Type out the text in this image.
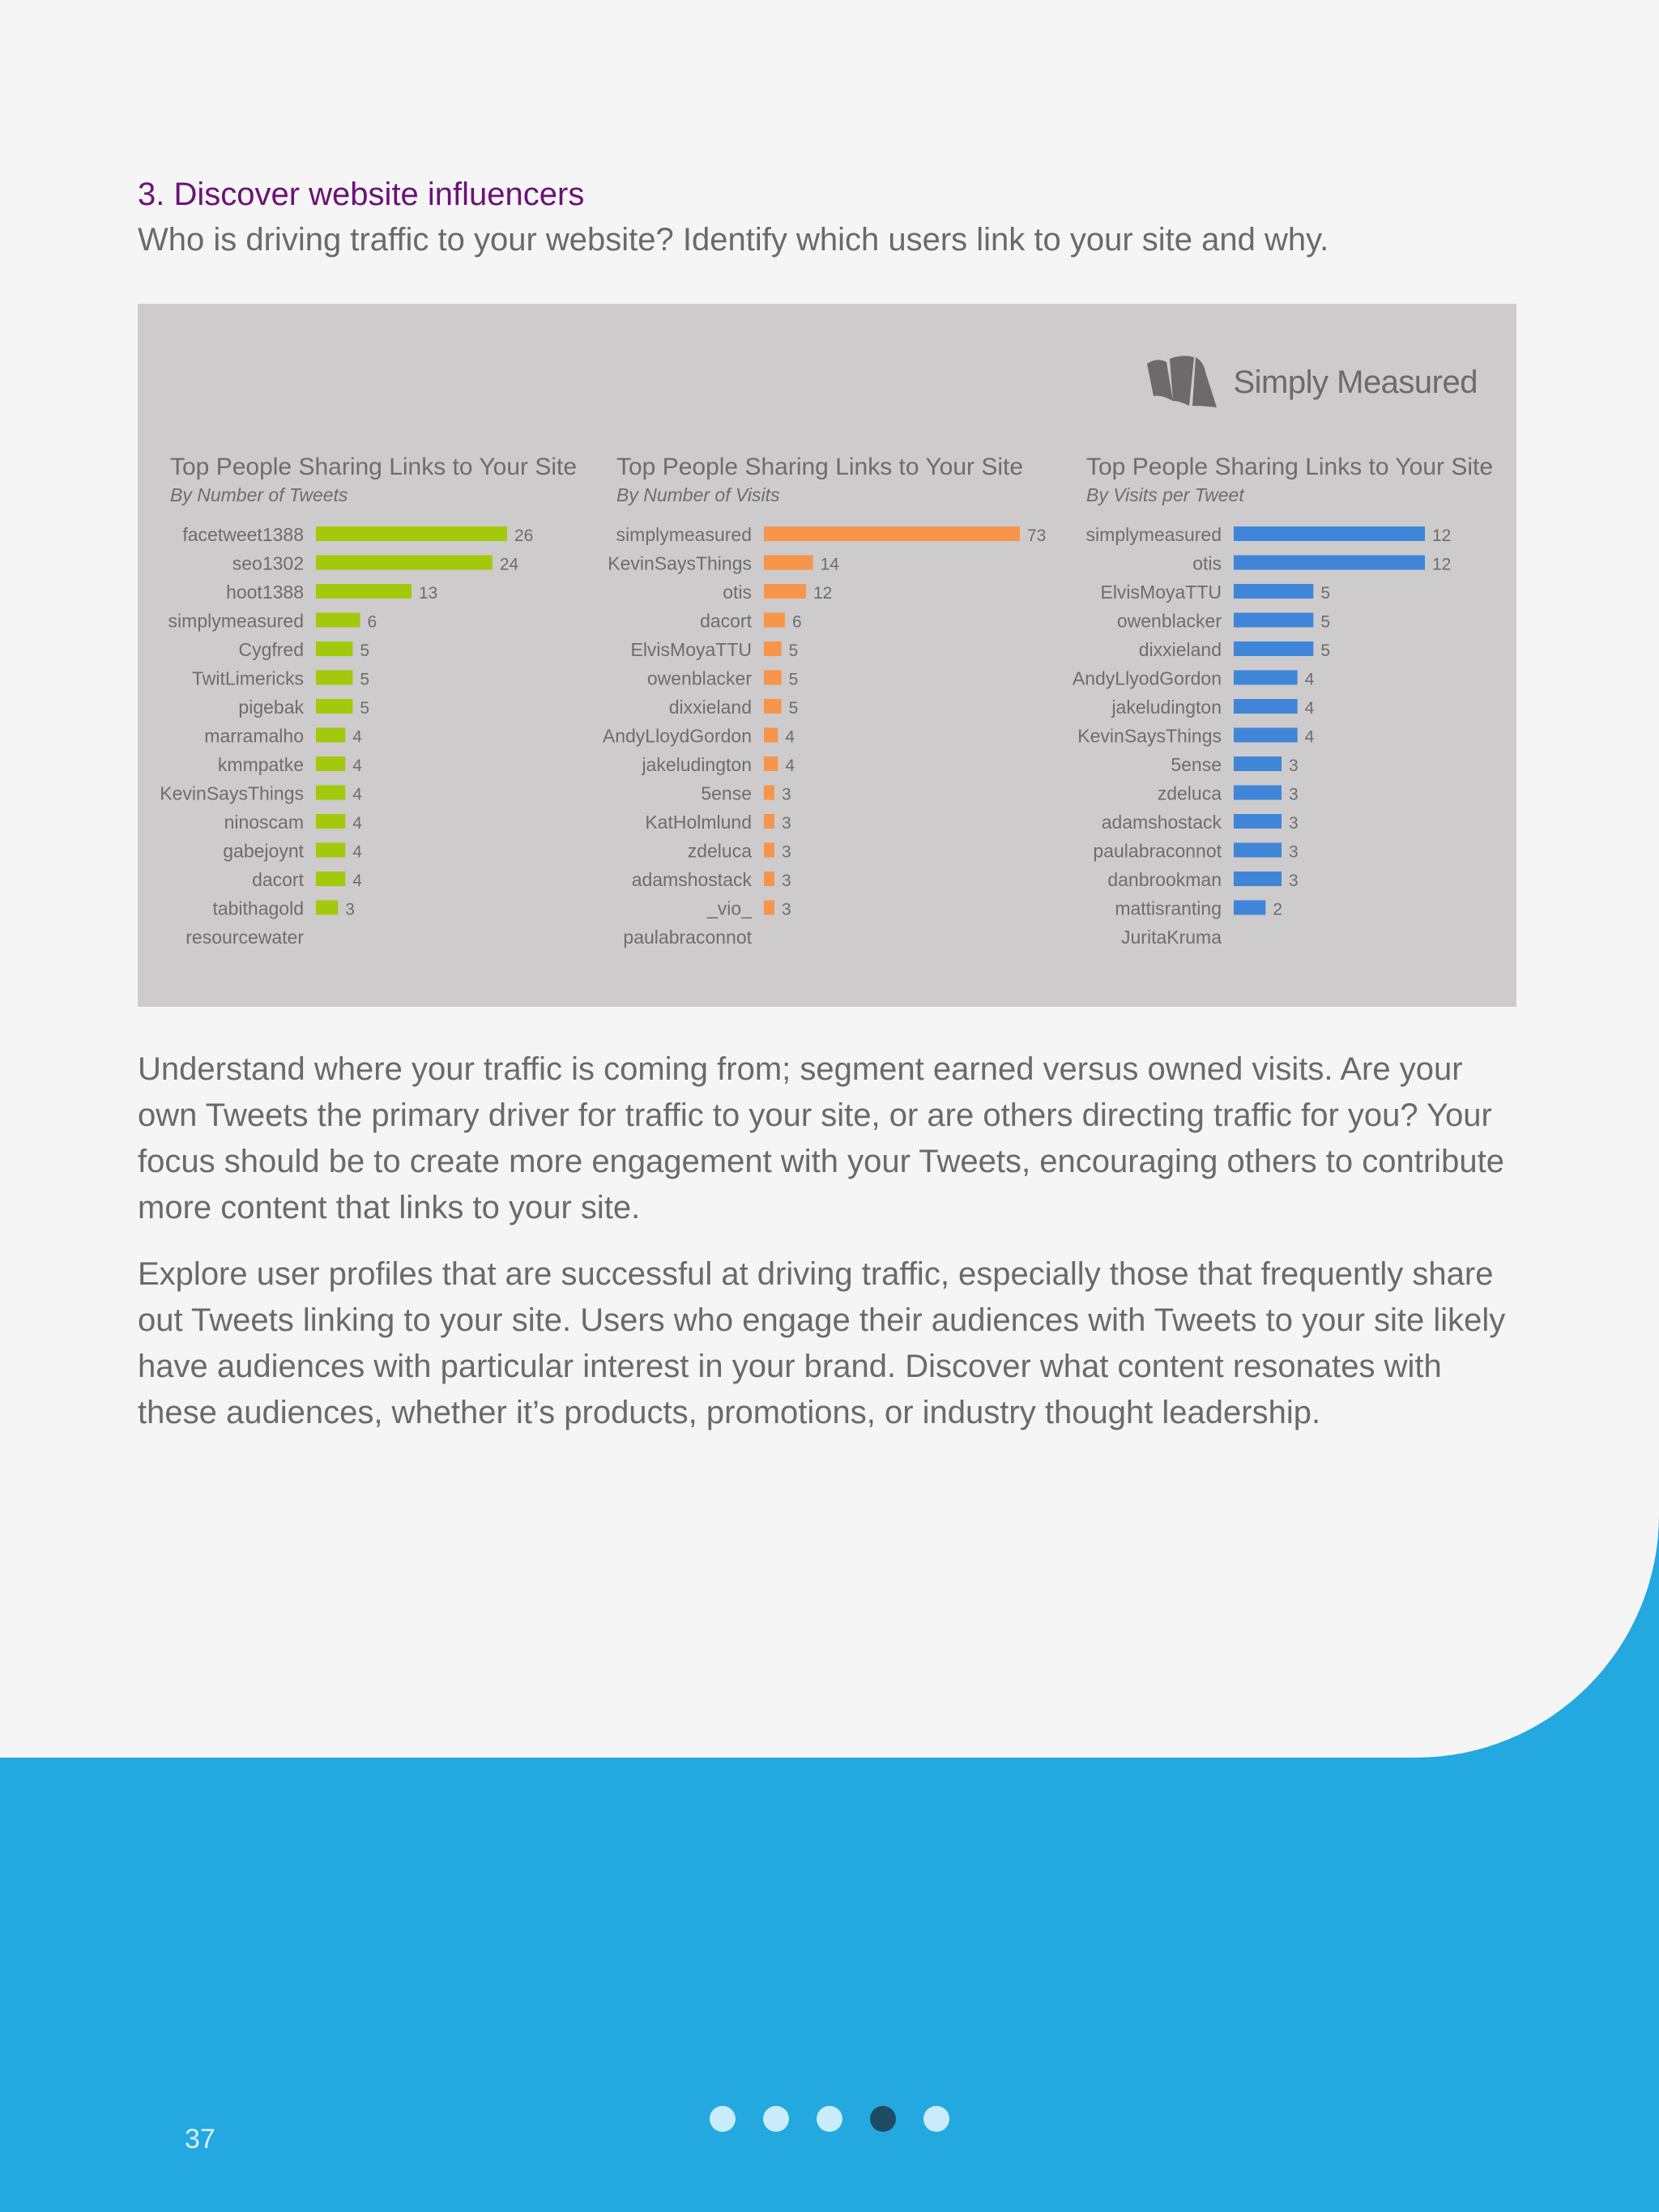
3. Discover website influencers

Who is driving traffic to your website? Identify which users link to your site and why.

Simply Measured

Top People Sharing Links to Your Site

By Number of Tweets

facetweet1388	26
seo1302	24
hoot1388	13
simplymeasured	6
Cygfred	5
TwitLimericks	5
pigebak	5
marramalho	4
kmmpatke	4
KevinSaysThings	4
ninoscam	4
gabejoynt	4
dacort	4
tabithagold 3
resourcewater

Top People Sharing Links to Your Site

By Number of Visits

simplymeasured	73
KevinSaysThings	14
otis	12
dacort 6
ElvisMoyaTTU 5
owenblacker 5
dixxieland 5
AndyLloydGordon 4
jakeludington 4
5ense 3
KatHolmlund 3
zdeluca 3
adamshostack 3
_vio_ 3
paulabraconnot

Top People Sharing Links to Your Site

By Visits per Tweet

simplymeasured	12
otis	12
ElvisMoyaTTU	5
owenblacker	5
dixxieland	5
AndyLlyodGordon	4
jakeludington	4
KevinSaysThings	4
5ense	3
zdeluca	3
adamshostack	3
paulabraconnot	3
danbrookman	3
mattisranting	2
JuritaKruma

Understand where your traffic is coming from; segment earned versus owned visits. Are your own Tweets the primary driver for traffic to your site, or are others directing traffic for you? Your focus should be to create more engagement with your Tweets, encouraging others to contribute more content that links to your site.

Explore user profiles that are successful at driving traffic, especially those that frequently share out Tweets linking to your site. Users who engage their audiences with Tweets to your site likely have audiences with particular interest in your brand. Discover what content resonates with these audiences, whether it’s products, promotions, or industry thought leadership.

37
